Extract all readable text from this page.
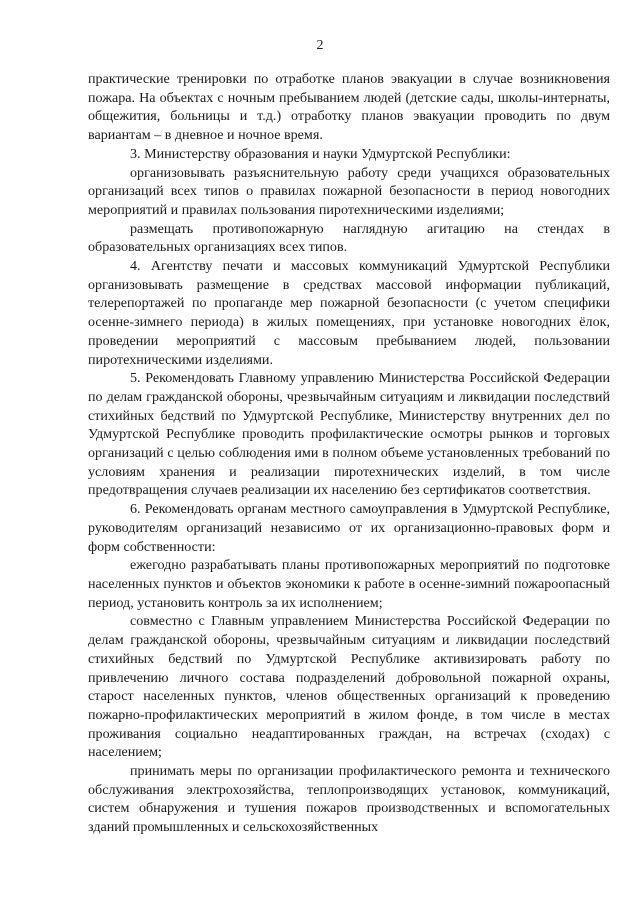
2

практические тренировки по отработке планов эвакуации в случае возникновения пожара. На объектах с ночным пребыванием людей (детские сады, школы-интернаты, общежития, больницы и т.д.) отработку планов эвакуации проводить по двум вариантам – в дневное и ночное время.

3. Министерству образования и науки Удмуртской Республики:

организовывать разъяснительную работу среди учащихся образовательных организаций всех типов о правилах пожарной безопасности в период новогодних мероприятий и правилах пользования пиротехническими изделиями;

размещать противопожарную наглядную агитацию на стендах в образовательных организациях всех типов.

4. Агентству печати и массовых коммуникаций Удмуртской Республики организовывать размещение в средствах массовой информации публикаций, телерепортажей по пропаганде мер пожарной безопасности (с учетом специфики осенне-зимнего периода) в жилых помещениях, при установке новогодних ёлок, проведении мероприятий с массовым пребыванием людей, пользовании пиротехническими изделиями.

5. Рекомендовать Главному управлению Министерства Российской Федерации по делам гражданской обороны, чрезвычайным ситуациям и ликвидации последствий стихийных бедствий по Удмуртской Республике, Министерству внутренних дел по Удмуртской Республике проводить профилактические осмотры рынков и торговых организаций с целью соблюдения ими в полном объеме установленных требований по условиям хранения и реализации пиротехнических изделий, в том числе предотвращения случаев реализации их населению без сертификатов соответствия.

6. Рекомендовать органам местного самоуправления в Удмуртской Республике, руководителям организаций независимо от их организационно-правовых форм и форм собственности:

ежегодно разрабатывать планы противопожарных мероприятий по подготовке населенных пунктов и объектов экономики к работе в осенне-зимний пожароопасный период, установить контроль за их исполнением;

совместно с Главным управлением Министерства Российской Федерации по делам гражданской обороны, чрезвычайным ситуациям и ликвидации последствий стихийных бедствий по Удмуртской Республике активизировать работу по привлечению личного состава подразделений добровольной пожарной охраны, старост населенных пунктов, членов общественных организаций к проведению пожарно-профилактических мероприятий в жилом фонде, в том числе в местах проживания социально неадаптированных граждан, на встречах (сходах) с населением;

принимать меры по организации профилактического ремонта и технического обслуживания электрохозяйства, теплопроизводящих установок, коммуникаций, систем обнаружения и тушения пожаров производственных и вспомогательных зданий промышленных и сельскохозяйственных
